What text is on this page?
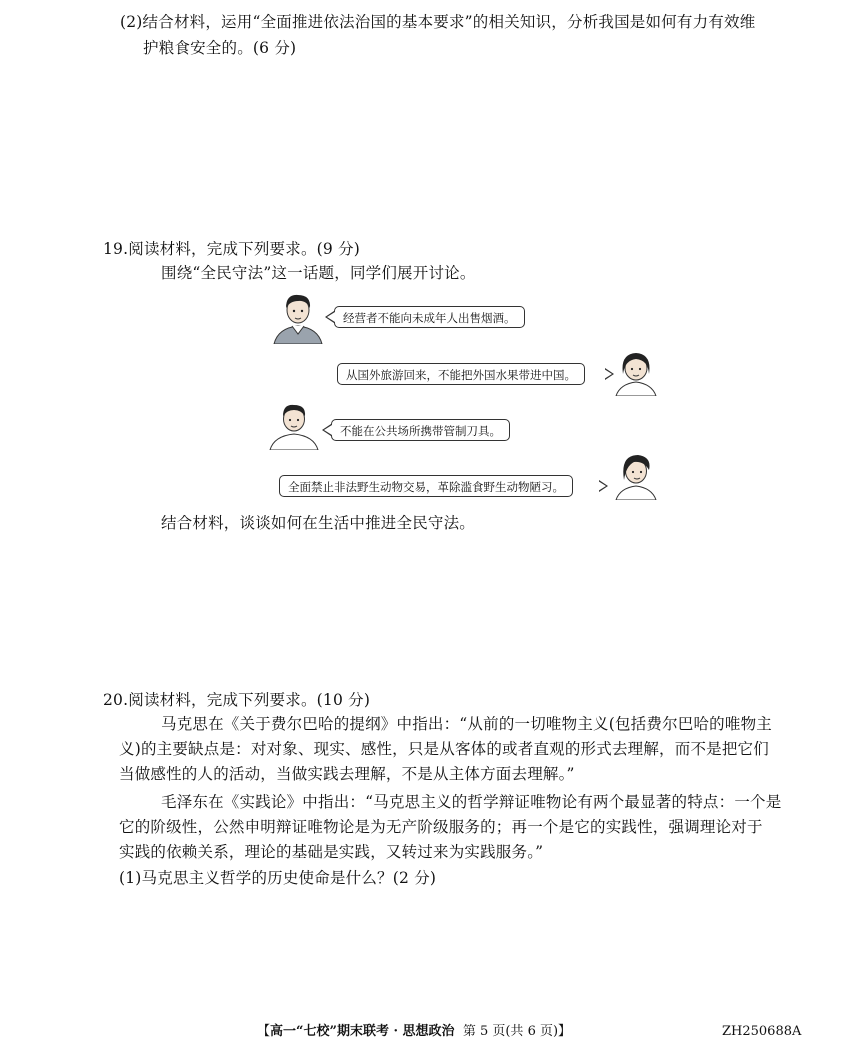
(2)结合材料，运用“全面推进依法治国的基本要求”的相关知识，分析我国是如何有力有效维
护粮食安全的。(6 分)
19.阅读材料，完成下列要求。(9 分)
围绕“全民守法”这一话题，同学们展开讨论。
经营者不能向未成年人出售烟酒。
从国外旅游回来，不能把外国水果带进中国。
不能在公共场所携带管制刀具。
全面禁止非法野生动物交易，革除滥食野生动物陋习。
结合材料，谈谈如何在生活中推进全民守法。
20.阅读材料，完成下列要求。(10 分)
马克思在《关于费尔巴哈的提纲》中指出：“从前的一切唯物主义(包括费尔巴哈的唯物主
义)的主要缺点是：对对象、现实、感性，只是从客体的或者直观的形式去理解，而不是把它们
当做感性的人的活动，当做实践去理解，不是从主体方面去理解。”
毛泽东在《实践论》中指出：“马克思主义的哲学辩证唯物论有两个最显著的特点：一个是
它的阶级性，公然申明辩证唯物论是为无产阶级服务的；再一个是它的实践性，强调理论对于
实践的依赖关系，理论的基础是实践，又转过来为实践服务。”
(1)马克思主义哲学的历史使命是什么？(2 分)
【高一“七校”期末联考 · 思想政治 第 5 页(共 6 页)】	ZH250688A
